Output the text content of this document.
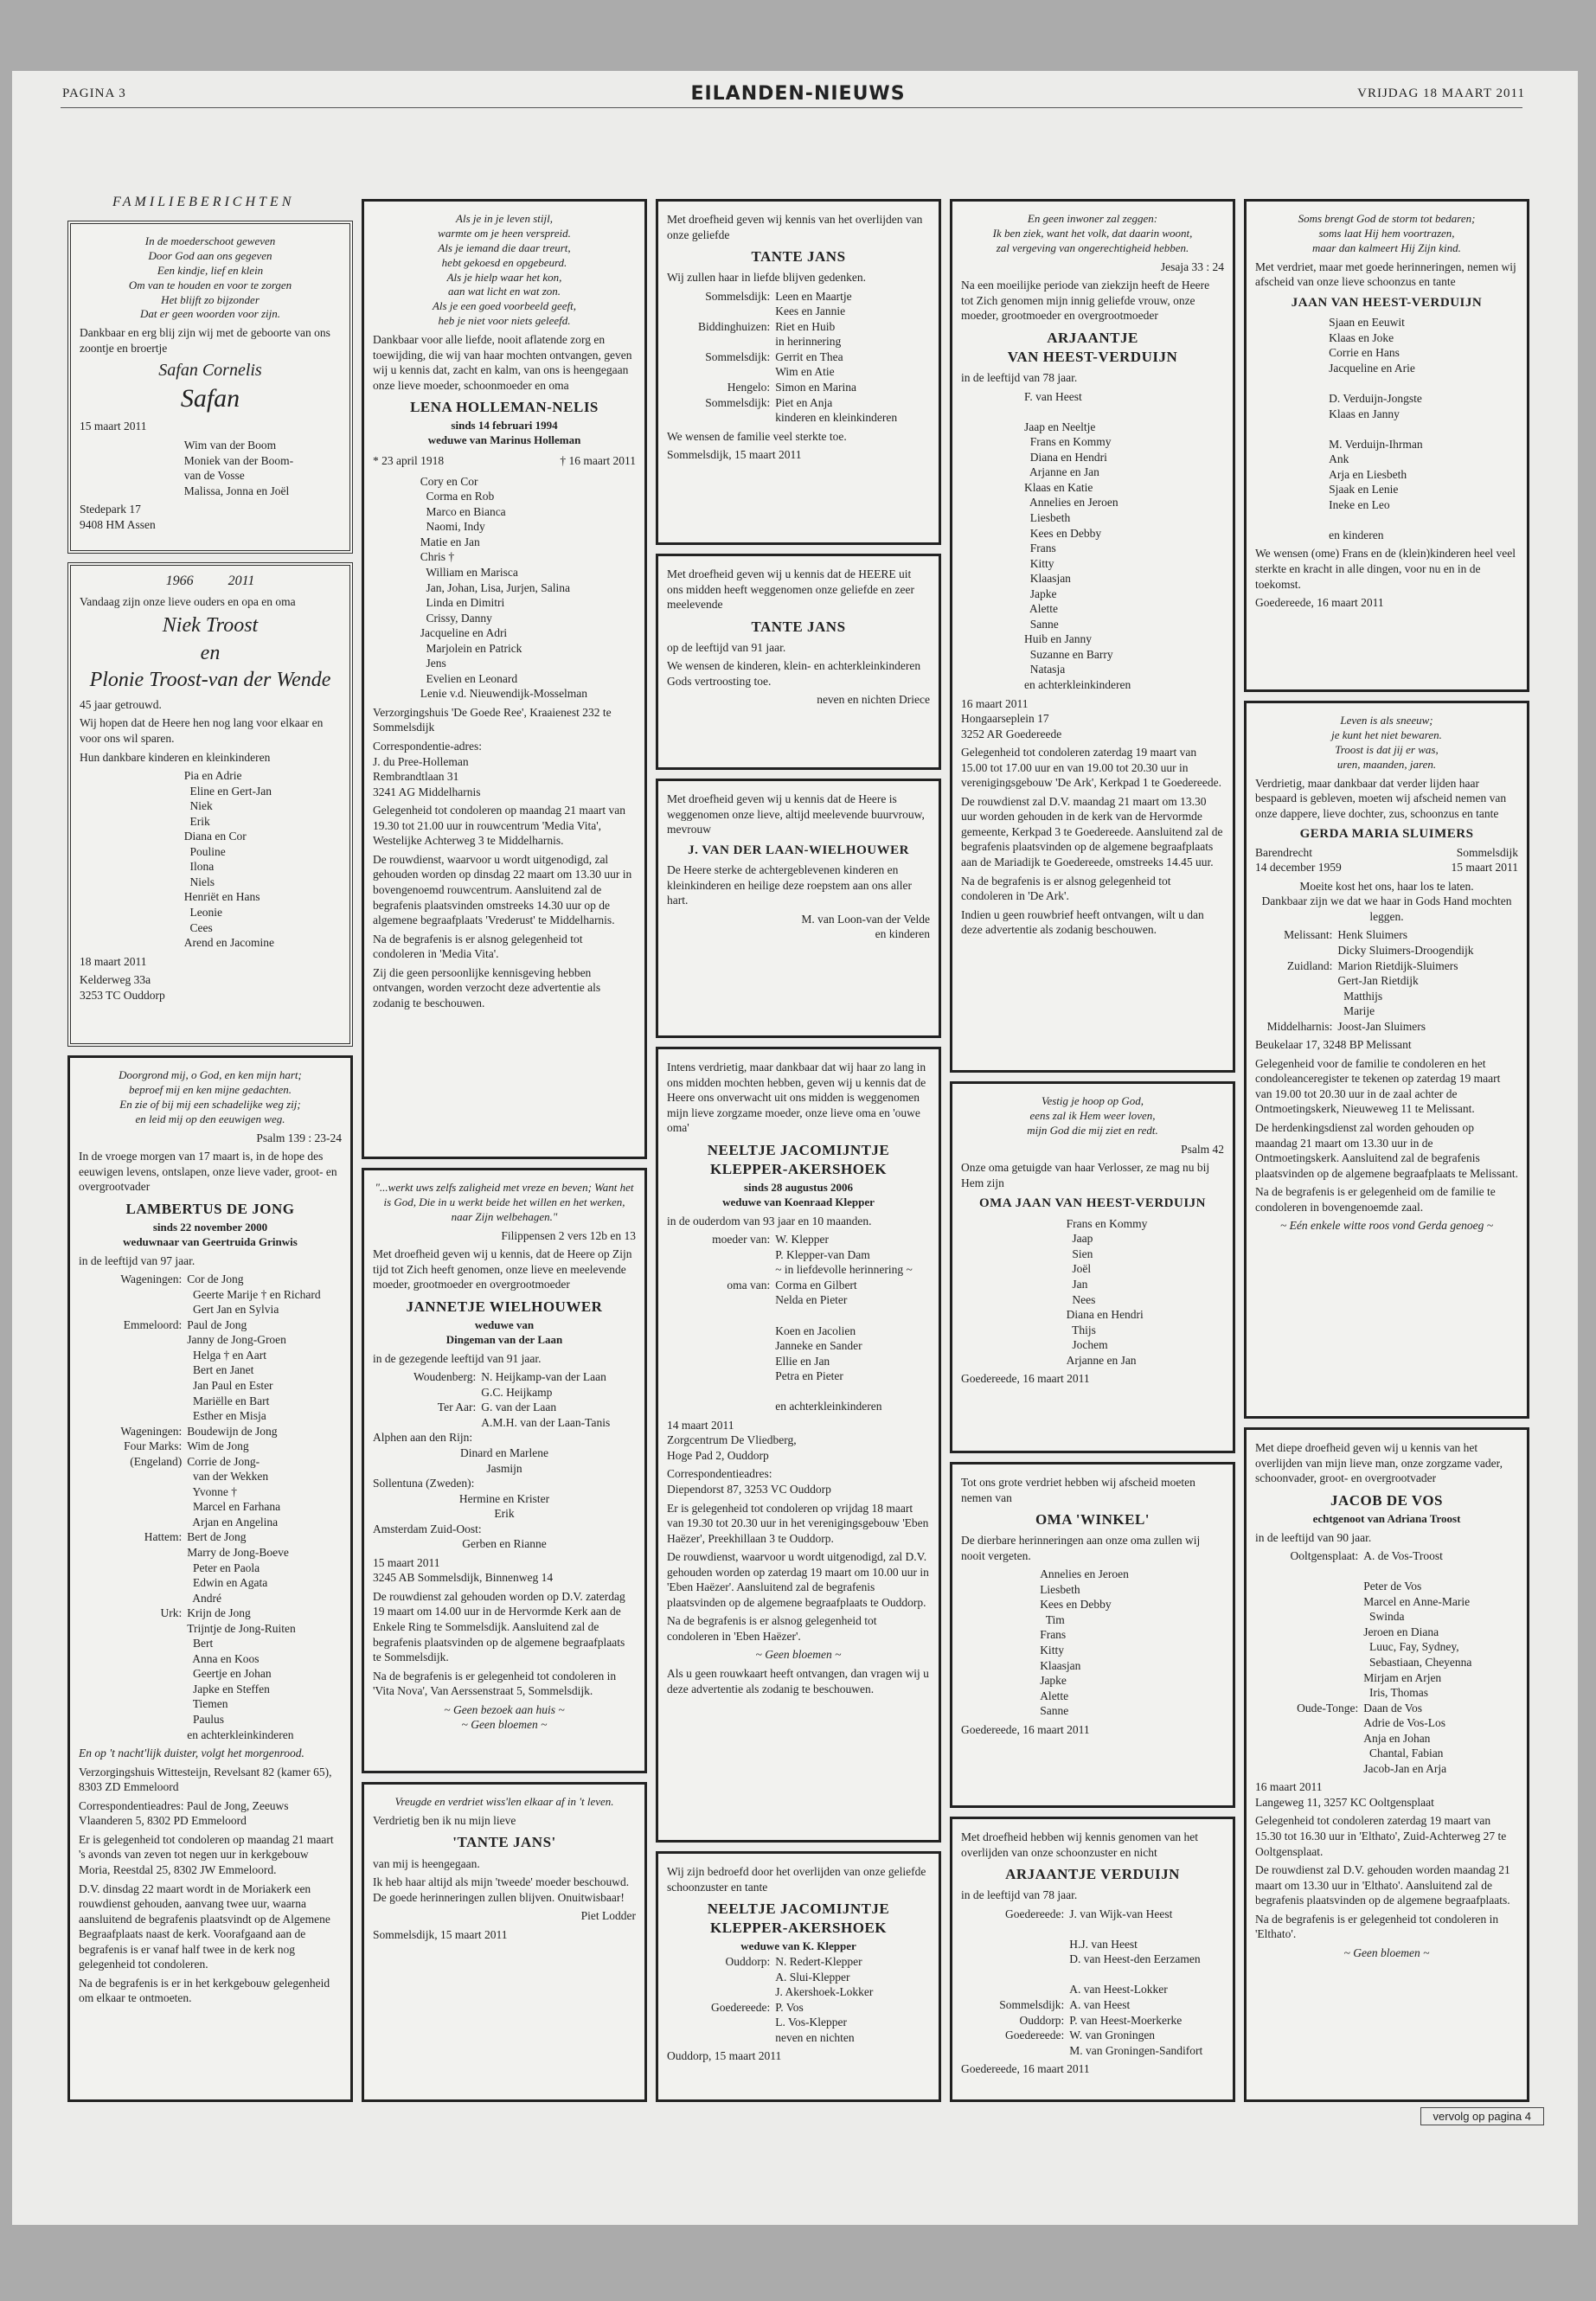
PAGINA 3	EILANDEN-NIEUWS	VRIJDAG 18 MAART 2011
FAMILIEBERICHTEN

In de moederschoot geweven
Door God aan ons gegeven
Een kindje, lief en klein
Om van te houden en voor te zorgen
Het blijft zo bijzonder
Dat er geen woorden voor zijn.

Dankbaar en erg blij zijn wij met de geboorte van ons zoontje en broertje

Safan Cornelis
Safan

15 maart 2011

Wim van der Boom
Moniek van der Boom-
van de Vosse
Malissa, Jonna en Joël

Stedepark 17
9408 HM Assen

1966          2011

Vandaag zijn onze lieve ouders en opa en oma

Niek Troost
en
Plonie Troost-van der Wende

45 jaar getrouwd.

Wij hopen dat de Heere hen nog lang voor elkaar en voor ons wil sparen.

Hun dankbare kinderen en kleinkinderen

Pia en Adrie
Eline en Gert-Jan
Niek
Erik
Diana en Cor
Pouline
Ilona
Niels
Henriët en Hans
Leonie
Cees
Arend en Jacomine

18 maart 2011

Kelderweg 33a
3253 TC Ouddorp

Doorgrond mij, o God, en ken mijn hart;
beproef mij en ken mijne gedachten.
En zie of bij mij een schadelijke weg zij;
en leid mij op den eeuwigen weg.

Psalm 139 : 23-24

In de vroege morgen van 17 maart is, in de hope des eeuwigen levens, ontslapen, onze lieve vader, groot- en overgrootvader

LAMBERTUS DE JONG
sinds 22 november 2000
weduwnaar van Geertruida Grinwis

in de leeftijd van 97 jaar.

Wageningen: Cor de Jong
Geerte Marije † en Richard
Gert Jan en Sylvia
Emmeloord: Paul de Jong
Janny de Jong-Groen
Helga † en Aart
Bert en Janet
Jan Paul en Ester
Mariëlle en Bart
Esther en Misja
Wageningen: Boudewijn de Jong
Four Marks:
(Engeland)
Wim de Jong
Corrie de Jong-
van der Wekken
Yvonne †
Marcel en Farhana
Arjan en Angelina
Hattem: Bert de Jong
Marry de Jong-Boeve
Peter en Paola
Edwin en Agata
André
Urk: Krijn de Jong
Trijntje de Jong-Ruiten
Bert
Anna en Koos
Geertje en Johan
Japke en Steffen
Tiemen
Paulus
en achterkleinkinderen

En op 't nacht'lijk duister, volgt het morgenrood.

Verzorgingshuis Wittesteijn, Revelsant 82 (kamer 65), 8303 ZD Emmeloord

Correspondentieadres: Paul de Jong, Zeeuws Vlaanderen 5, 8302 PD Emmeloord

Er is gelegenheid tot condoleren op maandag 21 maart 's avonds van zeven tot negen uur in kerkgebouw Moria, Reestdal 25, 8302 JW Emmeloord.

D.V. dinsdag 22 maart wordt in de Moriakerk een rouwdienst gehouden, aanvang twee uur, waarna aansluitend de begrafenis plaatsvindt op de Algemene Begraafplaats naast de kerk. Voorafgaand aan de begrafenis is er vanaf half twee in de kerk nog gelegenheid tot condoleren.

Na de begrafenis is er in het kerkgebouw gelegenheid om elkaar te ontmoeten.

Als je in je leven stijl,
warmte om je heen verspreid.
Als je iemand die daar treurt,
hebt gekoesd en opgebeurd.
Als je hielp waar het kon,
aan wat licht en wat zon.
Als je een goed voorbeeld geeft,
heb je niet voor niets geleefd.

Dankbaar voor alle liefde, nooit aflatende zorg en toewijding, die wij van haar mochten ontvangen, geven wij u kennis dat, zacht en kalm, van ons is heengegaan onze lieve moeder, schoonmoeder en oma

LENA HOLLEMAN-NELIS
sinds 14 februari 1994
weduwe van Marinus Holleman
* 23 april 1918	† 16 maart 2011

Cory en Cor
Corma en Rob
Marco en Bianca
Naomi, Indy
Matie en Jan
Chris †
William en Marisca
Jan, Johan, Lisa, Jurjen, Salina
Linda en Dimitri
Crissy, Danny
Jacqueline en Adri
Marjolein en Patrick
Jens
Evelien en Leonard
Lenie v.d. Nieuwendijk-Mosselman

Verzorgingshuis 'De Goede Ree', Kraaienest 232 te Sommelsdijk

Correspondentie-adres:
J. du Pree-Holleman
Rembrandtlaan 31
3241 AG Middelharnis

Gelegenheid tot condoleren op maandag 21 maart van 19.30 tot 21.00 uur in rouwcentrum 'Media Vita', Westelijke Achterweg 3 te Middelharnis.

De rouwdienst, waarvoor u wordt uitgenodigd, zal gehouden worden op dinsdag 22 maart om 13.30 uur in bovengenoemd rouwcentrum. Aansluitend zal de begrafenis plaatsvinden omstreeks 14.30 uur op de algemene begraafplaats 'Vrederust' te Middelharnis.

Na de begrafenis is er alsnog gelegenheid tot condoleren in 'Media Vita'.

Zij die geen persoonlijke kennisgeving hebben ontvangen, worden verzocht deze advertentie als zodanig te beschouwen.

"...werkt uws zelfs zaligheid met vreze en beven; Want het is God, Die in u werkt beide het willen en het werken, naar Zijn welbehagen."

Filippensen 2 vers 12b en 13

Met droefheid geven wij u kennis, dat de Heere op Zijn tijd tot Zich heeft genomen, onze lieve en meelevende moeder, grootmoeder en overgrootmoeder

JANNETJE WIELHOUWER
weduwe van
Dingeman van der Laan

in de gezegende leeftijd van 91 jaar.

Woudenberg: N. Heijkamp-van der Laan
G.C. Heijkamp
Ter Aar: G. van der Laan
A.M.H. van der Laan-Tanis
Alphen aan den Rijn:
Dinard en Marlene
Jasmijn
Sollentuna (Zweden):
Hermine en Krister
Erik
Amsterdam Zuid-Oost:
Gerben en Rianne

15 maart 2011
3245 AB Sommelsdijk, Binnenweg 14

De rouwdienst zal gehouden worden op D.V. zaterdag 19 maart om 14.00 uur in de Hervormde Kerk aan de Enkele Ring te Sommelsdijk. Aansluitend zal de begrafenis plaatsvinden op de algemene begraafplaats te Sommelsdijk.

Na de begrafenis is er gelegenheid tot condoleren in 'Vita Nova', Van Aerssenstraat 5, Sommelsdijk.

~ Geen bezoek aan huis ~
~ Geen bloemen ~

Vreugde en verdriet wiss'len elkaar af in 't leven.

Verdrietig ben ik nu mijn lieve

'TANTE JANS'

van mij is heengegaan.

Ik heb haar altijd als mijn 'tweede' moeder beschouwd. De goede herinneringen zullen blijven. Onuitwisbaar!

Piet Lodder

Sommelsdijk, 15 maart 2011

Met droefheid geven wij kennis van het overlijden van onze geliefde

TANTE JANS

Wij zullen haar in liefde blijven gedenken.

Sommelsdijk: Leen en Maartje
Kees en Jannie
Biddinghuizen: Riet en Huib
in herinnering
Sommelsdijk: Gerrit en Thea
Wim en Atie
Hengelo: Simon en Marina
Sommelsdijk: Piet en Anja
kinderen en kleinkinderen

We wensen de familie veel sterkte toe.

Sommelsdijk, 15 maart 2011

Met droefheid geven wij u kennis dat de HEERE uit ons midden heeft weggenomen onze geliefde en zeer meelevende

TANTE JANS

op de leeftijd van 91 jaar.

We wensen de kinderen, klein- en achterkleinkinderen Gods vertroosting toe.

neven en nichten Driece

Met droefheid geven wij u kennis dat de Heere is weggenomen onze lieve, altijd meelevende buurvrouw, mevrouw

J. VAN DER LAAN-WIELHOUWER

De Heere sterke de achtergeblevenen kinderen en kleinkinderen en heilige deze roepstem aan ons aller hart.

M. van Loon-van der Velde
en kinderen

Intens verdrietig, maar dankbaar dat wij haar zo lang in ons midden mochten hebben, geven wij u kennis dat de Heere ons onverwacht uit ons midden is weggenomen mijn lieve zorgzame moeder, onze lieve oma en 'ouwe oma'

NEELTJE JACOMIJNTJE
KLEPPER-AKERSHOEK
sinds 28 augustus 2006
weduwe van Koenraad Klepper

in de ouderdom van 93 jaar en 10 maanden.

moeder van: W. Klepper
P. Klepper-van Dam
~ in liefdevolle herinnering ~
oma van: Corma en Gilbert
Nelda en Pieter

Koen en Jacolien
Janneke en Sander
Ellie en Jan
Petra en Pieter

en achterkleinkinderen

14 maart 2011
Zorgcentrum De Vliedberg,
Hoge Pad 2, Ouddorp

Correspondentieadres:
Diependorst 87, 3253 VC Ouddorp

Er is gelegenheid tot condoleren op vrijdag 18 maart van 19.30 tot 20.30 uur in het verenigingsgebouw 'Eben Haëzer', Preekhillaan 3 te Ouddorp.

De rouwdienst, waarvoor u wordt uitgenodigd, zal D.V. gehouden worden op zaterdag 19 maart om 10.00 uur in 'Eben Haëzer'. Aansluitend zal de begrafenis plaatsvinden op de algemene begraafplaats te Ouddorp.

Na de begrafenis is er alsnog gelegenheid tot condoleren in 'Eben Haëzer'.

~ Geen bloemen ~

Als u geen rouwkaart heeft ontvangen, dan vragen wij u deze advertentie als zodanig te beschouwen.

Wij zijn bedroefd door het overlijden van onze geliefde schoonzuster en tante

NEELTJE JACOMIJNTJE
KLEPPER-AKERSHOEK
weduwe van K. Klepper
Ouddorp: N. Redert-Klepper
A. Slui-Klepper
J. Akershoek-Lokker
Goedereede: P. Vos
L. Vos-Klepper
neven en nichten

Ouddorp, 15 maart 2011

En geen inwoner zal zeggen:
Ik ben ziek, want het volk, dat daarin woont,
zal vergeving van ongerechtigheid hebben.

Jesaja 33 : 24

Na een moeilijke periode van ziekzijn heeft de Heere tot Zich genomen mijn innig geliefde vrouw, onze moeder, grootmoeder en overgrootmoeder

ARJAANTJE
VAN HEEST-VERDUIJN

in de leeftijd van 78 jaar.

F. van Heest

Jaap en Neeltje
Frans en Kommy
Diana en Hendri
Arjanne en Jan
Klaas en Katie
Annelies en Jeroen
Liesbeth
Kees en Debby
Frans
Kitty
Klaasjan
Japke
Alette
Sanne
Huib en Janny
Suzanne en Barry
Natasja
en achterkleinkinderen

16 maart 2011
Hongaarseplein 17
3252 AR Goedereede

Gelegenheid tot condoleren zaterdag 19 maart van 15.00 tot 17.00 uur en van 19.00 tot 20.30 uur in verenigingsgebouw 'De Ark', Kerkpad 1 te Goedereede.

De rouwdienst zal D.V. maandag 21 maart om 13.30 uur worden gehouden in de kerk van de Hervormde gemeente, Kerkpad 3 te Goedereede. Aansluitend zal de begrafenis plaatsvinden op de algemene begraafplaats aan de Mariadijk te Goedereede, omstreeks 14.45 uur.

Na de begrafenis is er alsnog gelegenheid tot condoleren in 'De Ark'.

Indien u geen rouwbrief heeft ontvangen, wilt u dan deze advertentie als zodanig beschouwen.

Vestig je hoop op God,
eens zal ik Hem weer loven,
mijn God die mij ziet en redt.

Psalm 42

Onze oma getuigde van haar Verlosser, ze mag nu bij Hem zijn

OMA JAAN VAN HEEST-VERDUIJN

Frans en Kommy
Jaap
Sien
Joël
Jan
Nees
Diana en Hendri
Thijs
Jochem
Arjanne en Jan

Goedereede, 16 maart 2011

Tot ons grote verdriet hebben wij afscheid moeten nemen van

OMA 'WINKEL'

De dierbare herinneringen aan onze oma zullen wij nooit vergeten.

Annelies en Jeroen
Liesbeth
Kees en Debby
Tim
Frans
Kitty
Klaasjan
Japke
Alette
Sanne

Goedereede, 16 maart 2011

Met droefheid hebben wij kennis genomen van het overlijden van onze schoonzuster en nicht

ARJAANTJE VERDUIJN

in de leeftijd van 78 jaar.

Goedereede: J. van Wijk-van Heest

H.J. van Heest
D. van Heest-den Eerzamen

A. van Heest-Lokker
Sommelsdijk: A. van Heest
Ouddorp: P. van Heest-Moerkerke
Goedereede: W. van Groningen
M. van Groningen-Sandifort

Goedereede, 16 maart 2011

Soms brengt God de storm tot bedaren;
soms laat Hij hem voortrazen,
maar dan kalmeert Hij Zijn kind.

Met verdriet, maar met goede herinneringen, nemen wij afscheid van onze lieve schoonzus en tante

JAAN VAN HEEST-VERDUIJN

Sjaan en Eeuwit
Klaas en Joke
Corrie en Hans
Jacqueline en Arie

D. Verduijn-Jongste
Klaas en Janny

M. Verduijn-Ihrman
Ank
Arja en Liesbeth
Sjaak en Lenie
Ineke en Leo

en kinderen

We wensen (ome) Frans en de (klein)kinderen heel veel sterkte en kracht in alle dingen, voor nu en in de toekomst.

Goedereede, 16 maart 2011

Leven is als sneeuw;
je kunt het niet bewaren.
Troost is dat jij er was,
uren, maanden, jaren.

Verdrietig, maar dankbaar dat verder lijden haar bespaard is gebleven, moeten wij afscheid nemen van onze dappere, lieve dochter, zus, schoonzus en tante

GERDA MARIA SLUIMERS
Barendrecht	Sommelsdijk
14 december 1959	15 maart 2011

Moeite kost het ons, haar los te laten.
Dankbaar zijn we dat we haar in Gods Hand mochten leggen.

Melissant: Henk Sluimers
Dicky Sluimers-Droogendijk
Zuidland: Marion Rietdijk-Sluimers
Gert-Jan Rietdijk
Matthijs
Marije
Middelharnis: Joost-Jan Sluimers

Beukelaar 17, 3248 BP Melissant

Gelegenheid voor de familie te condoleren en het condoleanceregister te tekenen op zaterdag 19 maart van 19.00 tot 20.30 uur in de zaal achter de Ontmoetingskerk, Nieuweweg 11 te Melissant.

De herdenkingsdienst zal worden gehouden op maandag 21 maart om 13.30 uur in de Ontmoetingskerk. Aansluitend zal de begrafenis plaatsvinden op de algemene begraafplaats te Melissant.

Na de begrafenis is er gelegenheid om de familie te condoleren in bovengenoemde zaal.

~ Eén enkele witte roos vond Gerda genoeg ~

Met diepe droefheid geven wij u kennis van het overlijden van mijn lieve man, onze zorgzame vader, schoonvader, groot- en overgrootvader

JACOB DE VOS
echtgenoot van Adriana Troost

in de leeftijd van 90 jaar.

Ooltgensplaat: A. de Vos-Troost

Peter de Vos
Marcel en Anne-Marie
Swinda
Jeroen en Diana
Luuc, Fay, Sydney,
Sebastiaan, Cheyenna
Mirjam en Arjen
Iris, Thomas
Oude-Tonge: Daan de Vos
Adrie de Vos-Los
Anja en Johan
Chantal, Fabian
Jacob-Jan en Arja

16 maart 2011
Langeweg 11, 3257 KC Ooltgensplaat

Gelegenheid tot condoleren zaterdag 19 maart van 15.30 tot 16.30 uur in 'Elthato', Zuid-Achterweg 27 te Ooltgensplaat.

De rouwdienst zal D.V. gehouden worden maandag 21 maart om 13.30 uur in 'Elthato'. Aansluitend zal de begrafenis plaatsvinden op de algemene begraafplaats.

Na de begrafenis is er gelegenheid tot condoleren in 'Elthato'.

~ Geen bloemen ~

vervolg op pagina 4
